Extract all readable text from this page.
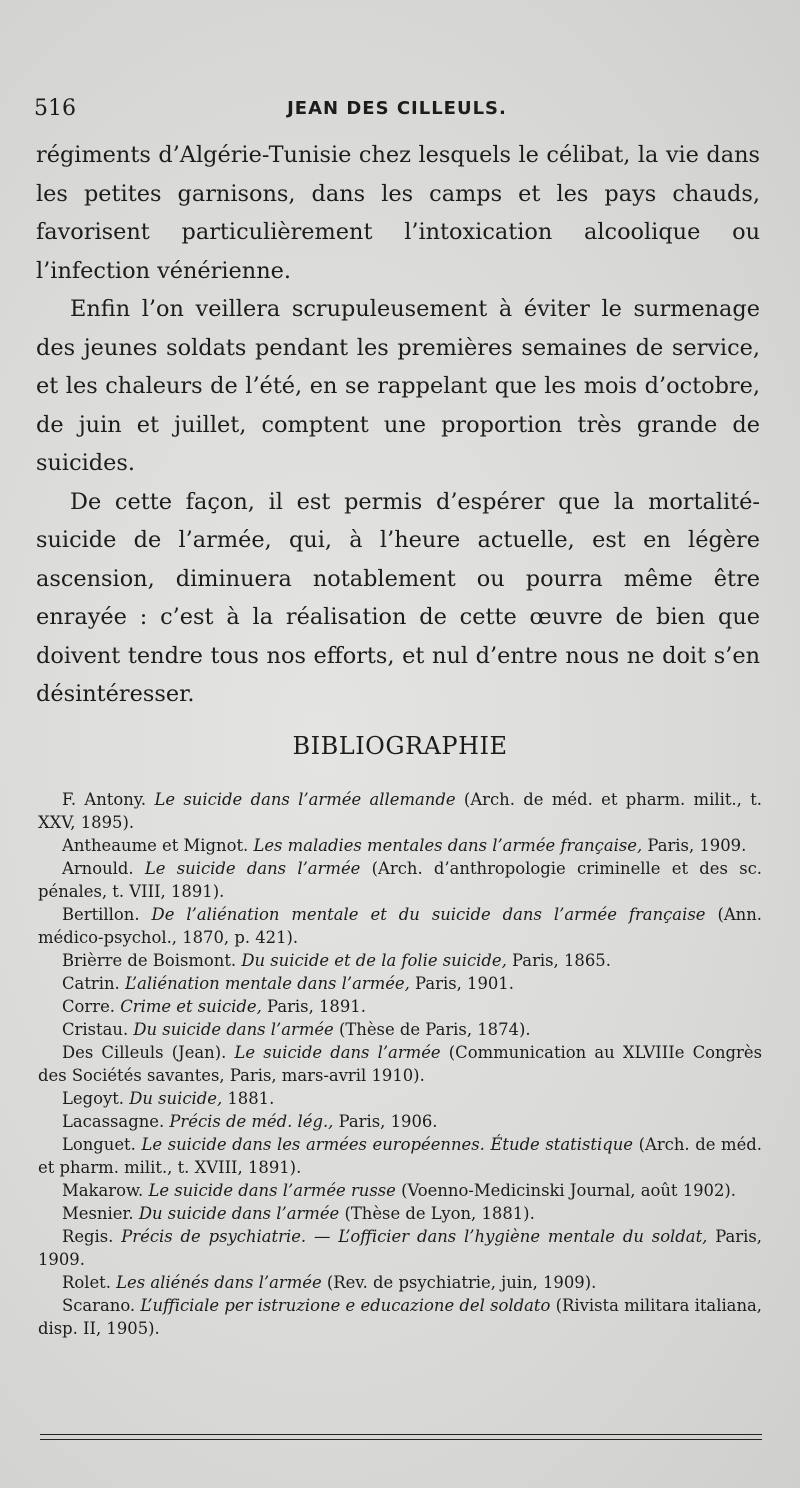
516	JEAN DES CILLEULS.

régiments d’Algérie-Tunisie chez lesquels le célibat, la vie dans les petites garnisons, dans les camps et les pays chauds, favorisent particulièrement l’intoxication alcoolique ou l’infection vénérienne.

Enfin l’on veillera scrupuleusement à éviter le surmenage des jeunes soldats pendant les premières semaines de service, et les chaleurs de l’été, en se rappelant que les mois d’octobre, de juin et juillet, comptent une proportion très grande de suicides.

De cette façon, il est permis d’espérer que la mortalité-suicide de l’armée, qui, à l’heure actuelle, est en légère ascension, diminuera notablement ou pourra même être enrayée : c’est à la réalisation de cette œuvre de bien que doivent tendre tous nos efforts, et nul d’entre nous ne doit s’en désintéresser.

BIBLIOGRAPHIE

F. Antony. Le suicide dans l’armée allemande (Arch. de méd. et pharm. milit., t. XXV, 1895).

Antheaume et Mignot. Les maladies mentales dans l’armée française, Paris, 1909.

Arnould. Le suicide dans l’armée (Arch. d’anthropologie criminelle et des sc. pénales, t. VIII, 1891).

Bertillon. De l’aliénation mentale et du suicide dans l’armée française (Ann. médico-psychol., 1870, p. 421).

Brièrre de Boismont. Du suicide et de la folie suicide, Paris, 1865.

Catrin. L’aliénation mentale dans l’armée, Paris, 1901.

Corre. Crime et suicide, Paris, 1891.

Cristau. Du suicide dans l’armée (Thèse de Paris, 1874).

Des Cilleuls (Jean). Le suicide dans l’armée (Communication au XLVIIIe Congrès des Sociétés savantes, Paris, mars-avril 1910).

Legoyt. Du suicide, 1881.

Lacassagne. Précis de méd. lég., Paris, 1906.

Longuet. Le suicide dans les armées européennes. Étude statistique (Arch. de méd. et pharm. milit., t. XVIII, 1891).

Makarow. Le suicide dans l’armée russe (Voenno-Medicinski Journal, août 1902).

Mesnier. Du suicide dans l’armée (Thèse de Lyon, 1881).

Regis. Précis de psychiatrie. — L’officier dans l’hygiène mentale du soldat, Paris, 1909.

Rolet. Les aliénés dans l’armée (Rev. de psychiatrie, juin, 1909).

Scarano. L’ufficiale per istruzione e educazione del soldato (Rivista militara italiana, disp. II, 1905).
